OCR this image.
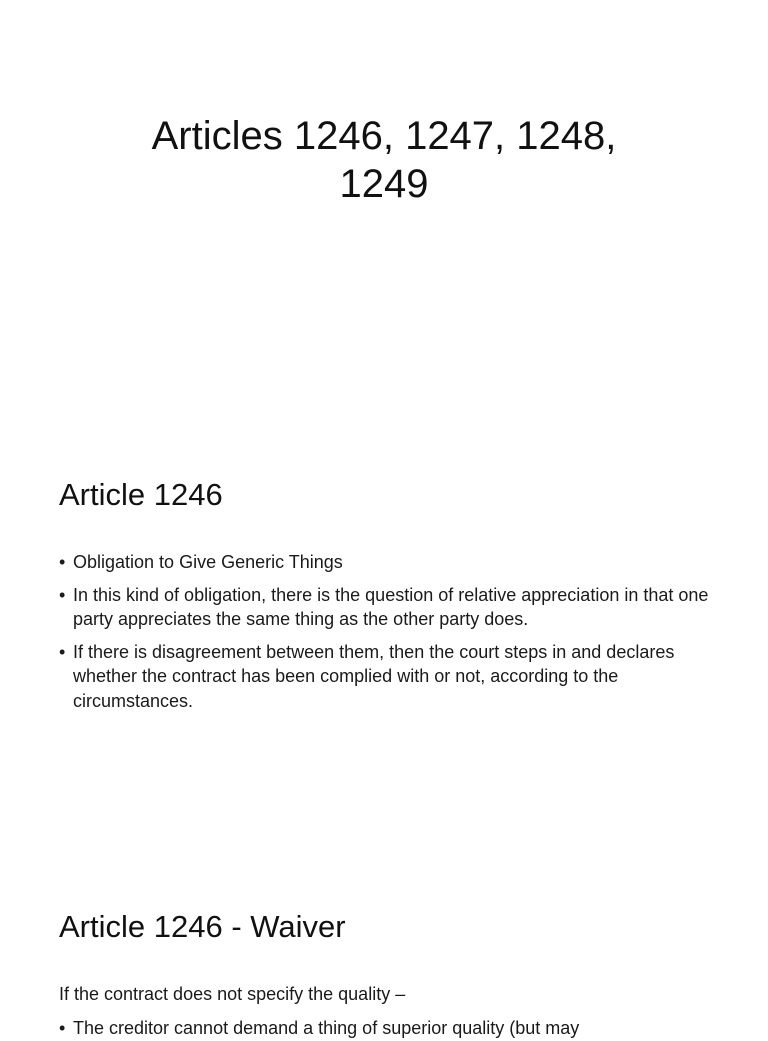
Articles 1246, 1247, 1248,
1249
Article 1246
• Obligation to Give Generic Things
• In this kind of obligation, there is the question of relative appreciation in that one party appreciates the same thing as the other party does.
• If there is disagreement between them, then the court steps in and declares whether the contract has been complied with or not, according to the circumstances.
Article 1246 - Waiver

If the contract does not specify the quality –

• The creditor cannot demand a thing of superior quality (but may
